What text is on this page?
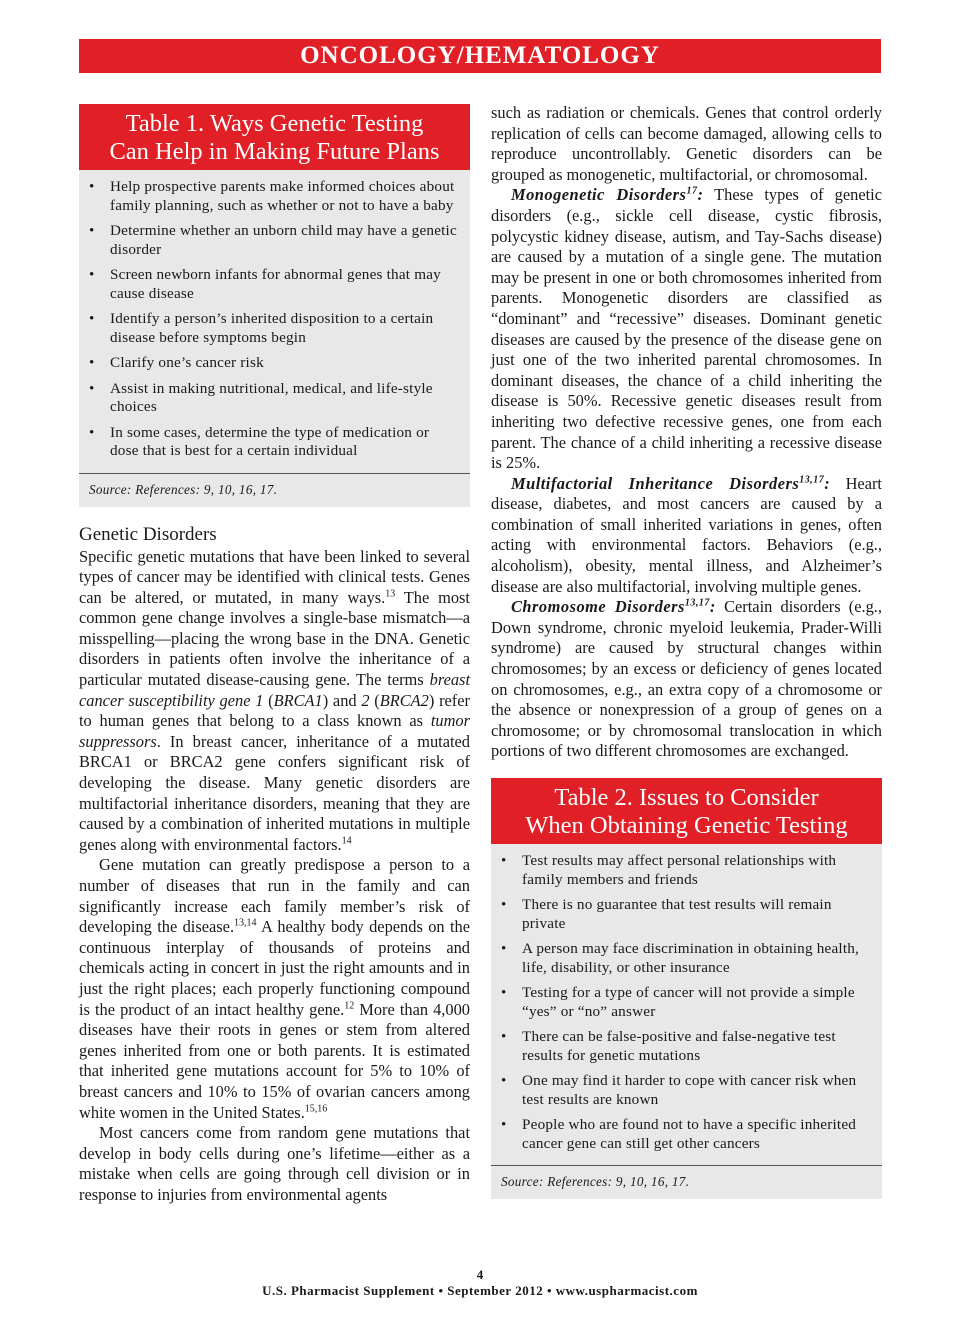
ONCOLOGY/HEMATOLOGY
Table 1. Ways Genetic Testing
Can Help in Making Future Plans
• Help prospective parents make informed choices about family planning, such as whether or not to have a baby
• Determine whether an unborn child may have a genetic disorder
• Screen newborn infants for abnormal genes that may cause disease
• Identify a person’s inherited disposition to a certain disease before symptoms begin
• Clarify one’s cancer risk
• Assist in making nutritional, medical, and life-style choices
• In some cases, determine the type of medication or dose that is best for a certain individual
Source: References: 9, 10, 16, 17.
Genetic Disorders

Specific genetic mutations that have been linked to several types of cancer may be identified with clinical tests. Genes can be altered, or mutated, in many ways.$^{13}$ The most common gene change involves a single-base mismatch—a misspelling—placing the wrong base in the DNA. Genetic disorders in patients often involve the inheritance of a particular mutated disease-causing gene. The terms breast cancer susceptibility gene 1 (BRCA1) and 2 (BRCA2) refer to human genes that belong to a class known as tumor suppressors. In breast cancer, inheritance of a mutated BRCA1 or BRCA2 gene confers significant risk of developing the disease. Many genetic disorders are multifactorial inheritance disorders, meaning that they are caused by a combination of inherited mutations in multiple genes along with environmental factors.$^{14}$

Gene mutation can greatly predispose a person to a number of diseases that run in the family and can significantly increase each family member’s risk of developing the disease.$^{13,14}$ A healthy body depends on the continuous interplay of thousands of proteins and chemicals acting in concert in just the right amounts and in just the right places; each properly functioning compound is the product of an intact healthy gene.$^{12}$ More than 4,000 diseases have their roots in genes or stem from altered genes inherited from one or both parents. It is estimated that inherited gene mutations account for 5% to 10% of breast cancers and 10% to 15% of ovarian cancers among white women in the United States.$^{15,16}$

Most cancers come from random gene mutations that develop in body cells during one’s lifetime—either as a mistake when cells are going through cell division or in response to injuries from environmental agents

such as radiation or chemicals. Genes that control orderly replication of cells can become damaged, allowing cells to reproduce uncontrollably. Genetic disorders can be grouped as monogenetic, multifactorial, or chromosomal.

Monogenetic Disorders$^{17}$: These types of genetic disorders (e.g., sickle cell disease, cystic fibrosis, polycystic kidney disease, autism, and Tay-Sachs disease) are caused by a mutation of a single gene. The mutation may be present in one or both chromosomes inherited from parents. Monogenetic disorders are classified as “dominant” and “recessive” diseases. Dominant genetic diseases are caused by the presence of the disease gene on just one of the two inherited parental chromosomes. In dominant diseases, the chance of a child inheriting the disease is 50%. Recessive genetic diseases result from inheriting two defective recessive genes, one from each parent. The chance of a child inheriting a recessive disease is 25%.

Multifactorial Inheritance Disorders$^{13,17}$: Heart disease, diabetes, and most cancers are caused by a combination of small inherited variations in genes, often acting with environmental factors. Behaviors (e.g., alcoholism), obesity, mental illness, and Alzheimer’s disease are also multifactorial, involving multiple genes.

Chromosome Disorders$^{13,17}$: Certain disorders (e.g., Down syndrome, chronic myeloid leukemia, Prader-Willi syndrome) are caused by structural changes within chromosomes; by an excess or deficiency of genes located on chromosomes, e.g., an extra copy of a chromosome or the absence or nonexpression of a group of genes on a chromosome; or by chromosomal translocation in which portions of two different chromosomes are exchanged.

Table 2. Issues to Consider
When Obtaining Genetic Testing
• Test results may affect personal relationships with family members and friends
• There is no guarantee that test results will remain private
• A person may face discrimination in obtaining health, life, disability, or other insurance
• Testing for a type of cancer will not provide a simple “yes” or “no” answer
• There can be false-positive and false-negative test results for genetic mutations
• One may find it harder to cope with cancer risk when test results are known
• People who are found not to have a specific inherited cancer gene can still get other cancers
Source: References: 9, 10, 16, 17.
4
U.S. Pharmacist Supplement • September 2012 • www.uspharmacist.com
